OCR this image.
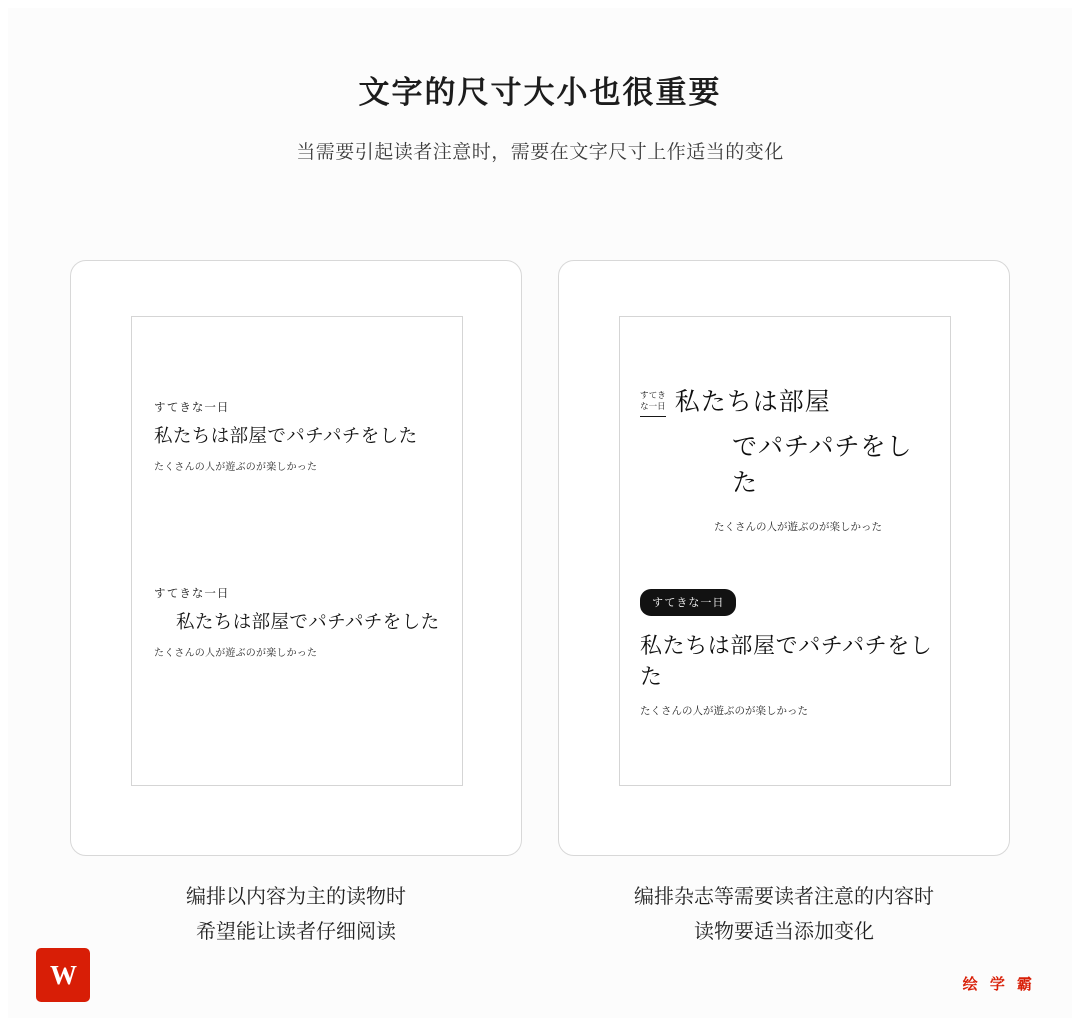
文字的尺寸大小也很重要
当需要引起读者注意时，需要在文字尺寸上作适当的变化
すてきな一日
私たちは部屋でパチパチをした
たくさんの人が遊ぶのが楽しかった
すてきな一日
私たちは部屋でパチパチをした
たくさんの人が遊ぶのが楽しかった
すてき
な一日 私たちは部屋
でパチパチをした
たくさんの人が遊ぶのが楽しかった
すてきな一日
私たちは部屋でパチパチをした
たくさんの人が遊ぶのが楽しかった
编排以内容为主的读物时
希望能让读者仔细阅读
编排杂志等需要读者注意的内容时
读物要适当添加变化
W	绘 学 霸
